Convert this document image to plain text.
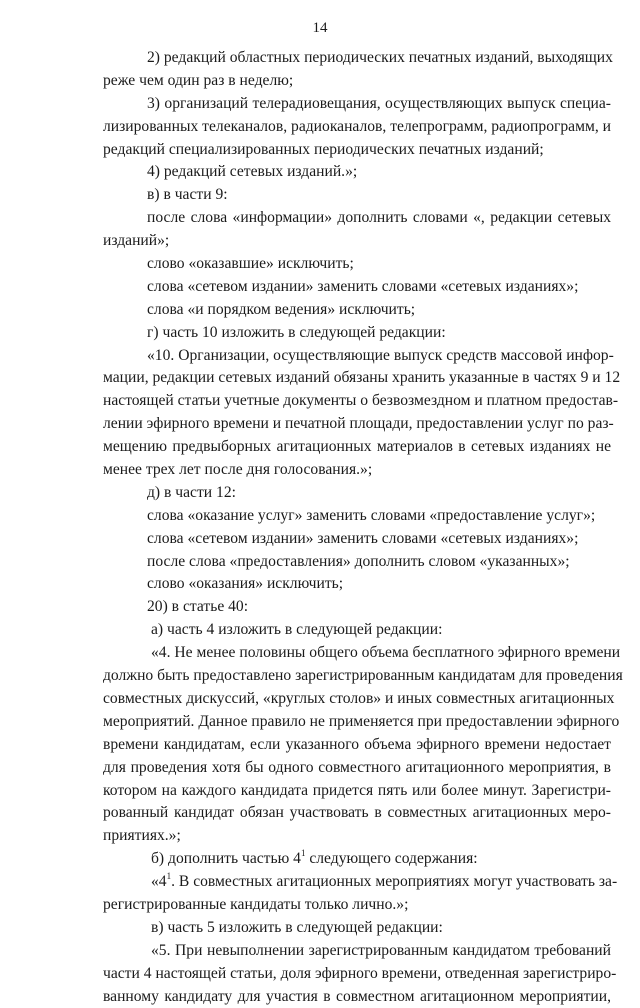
14
2) редакций областных периодических печатных изданий, выходящих
реже чем один раз в неделю;
3) организаций телерадиовещания, осуществляющих выпуск специа-
лизированных телеканалов, радиоканалов, телепрограмм, радиопрограмм, и
редакций специализированных периодических печатных изданий;
4) редакций сетевых изданий.»;
в) в части 9:
после слова «информации» дополнить словами «, редакции сетевых
изданий»;
слово «оказавшие» исключить;
слова «сетевом издании» заменить словами «сетевых изданиях»;
слова «и порядком ведения» исключить;
г) часть 10 изложить в следующей редакции:
«10. Организации, осуществляющие выпуск средств массовой инфор-
мации, редакции сетевых изданий обязаны хранить указанные в частях 9 и 12
настоящей статьи учетные документы о безвозмездном и платном предостав-
лении эфирного времени и печатной площади, предоставлении услуг по раз-
мещению предвыборных агитационных материалов в сетевых изданиях не
менее трех лет после дня голосования.»;
д) в части 12:
слова «оказание услуг» заменить словами «предоставление услуг»;
слова «сетевом издании» заменить словами «сетевых изданиях»;
после слова «предоставления» дополнить словом «указанных»;
слово «оказания» исключить;
20) в статье 40:
а) часть 4 изложить в следующей редакции:
«4. Не менее половины общего объема бесплатного эфирного времени
должно быть предоставлено зарегистрированным кандидатам для проведения
совместных дискуссий, «круглых столов» и иных совместных агитационных
мероприятий. Данное правило не применяется при предоставлении эфирного
времени кандидатам, если указанного объема эфирного времени недостает
для проведения хотя бы одного совместного агитационного мероприятия, в
котором на каждого кандидата придется пять или более минут. Зарегистри-
рованный кандидат обязан участвовать в совместных агитационных меро-
приятиях.»;
б) дополнить частью $4^1$ следующего содержания:
«$4^1$. В совместных агитационных мероприятиях могут участвовать за-
регистрированные кандидаты только лично.»;
в) часть 5 изложить в следующей редакции:
«5. При невыполнении зарегистрированным кандидатом требований
части 4 настоящей статьи, доля эфирного времени, отведенная зарегистриро-
ванному кандидату для участия в совместном агитационном мероприятии,
